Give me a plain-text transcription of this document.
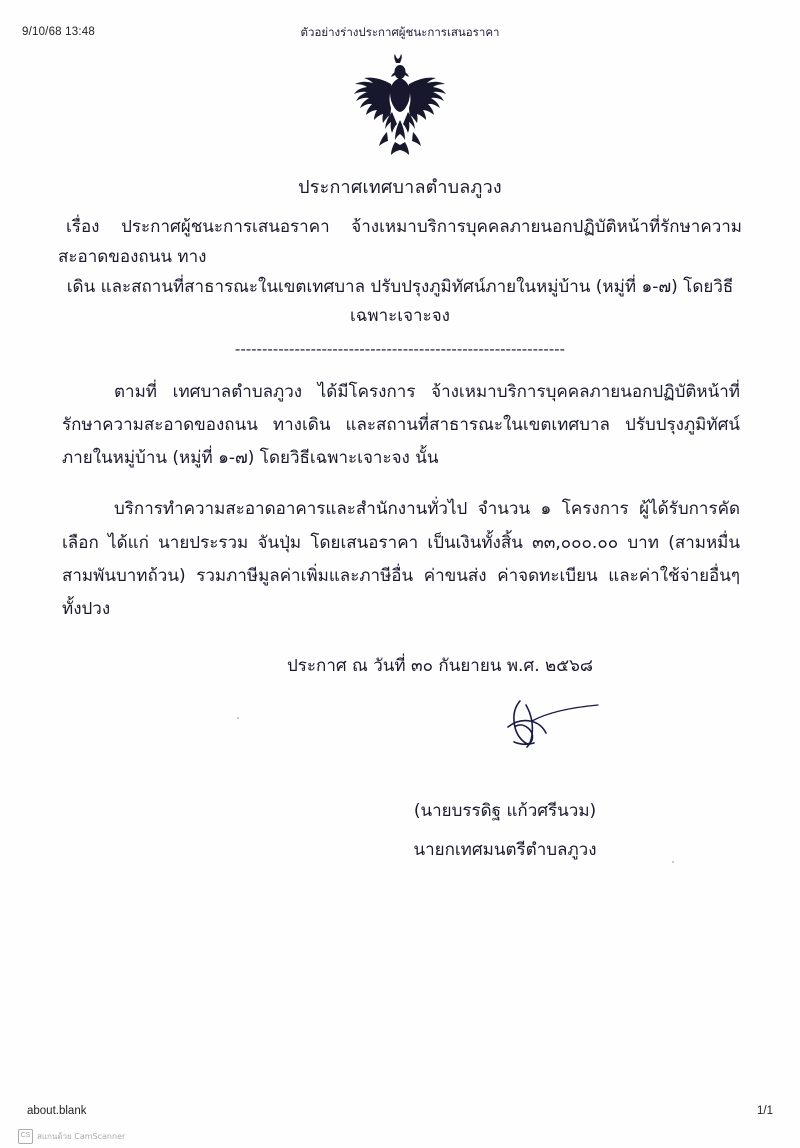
9/10/68 13:48	ตัวอย่างร่างประกาศผู้ชนะการเสนอราคา
ประกาศเทศบาลตำบลภูวง
เรื่อง ประกาศผู้ชนะการเสนอราคา จ้างเหมาบริการบุคคลภายนอกปฏิบัติหน้าที่รักษาความสะอาดของถนน ทาง
เดิน และสถานที่สาธารณะในเขตเทศบาล ปรับปรุงภูมิทัศน์ภายในหมู่บ้าน (หมู่ที่ ๑-๗) โดยวิธีเฉพาะเจาะจง
-------------------------------------------------------------
ตามที่ เทศบาลตำบลภูวง ได้มีโครงการ จ้างเหมาบริการบุคคลภายนอกปฏิบัติหน้าที่รักษาความสะอาดของถนน ทางเดิน และสถานที่สาธารณะในเขตเทศบาล ปรับปรุงภูมิทัศน์ภายในหมู่บ้าน (หมู่ที่ ๑-๗) โดยวิธีเฉพาะเจาะจง นั้น
บริการทำความสะอาดอาคารและสำนักงานทั่วไป จำนวน ๑ โครงการ ผู้ได้รับการคัดเลือก ได้แก่ นายประรวม จันปุ่ม โดยเสนอราคา เป็นเงินทั้งสิ้น ๓๓,๐๐๐.๐๐ บาท (สามหมื่นสามพันบาทถ้วน) รวมภาษีมูลค่าเพิ่มและภาษีอื่น ค่าขนส่ง ค่าจดทะเบียน และค่าใช้จ่ายอื่นๆ ทั้งปวง
ประกาศ ณ วันที่ ๓๐ กันยายน พ.ศ. ๒๕๖๘
(นายบรรดิฐ แก้วศรีนวม)
นายกเทศมนตรีตำบลภูวง
about.blank	1/1
CS สแกนด้วย CamScanner
